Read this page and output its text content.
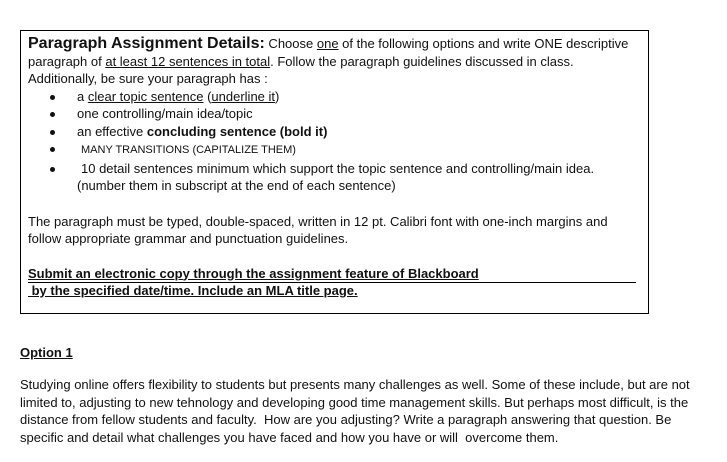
Paragraph Assignment Details: Choose one of the following options and write ONE descriptive
paragraph of at least 12 sentences in total. Follow the paragraph guidelines discussed in class.
Additionally, be sure your paragraph has :
a clear topic sentence (underline it)
one controlling/main idea/topic
an effective concluding sentence (bold it)
MANY TRANSITIONS (CAPITALIZE THEM)
10 detail sentences minimum which support the topic sentence and controlling/main idea.
(number them in subscript at the end of each sentence)
The paragraph must be typed, double-spaced, written in 12 pt. Calibri font with one-inch margins and
follow appropriate grammar and punctuation guidelines.
Submit an electronic copy through the assignment feature of Blackboard
by the specified date/time. Include an MLA title page.
Option 1
Studying online offers flexibility to students but presents many challenges as well. Some of these include, but are not
limited to, adjusting to new tehnology and developing good time management skills. But perhaps most difficult, is the
distance from fellow students and faculty.  How are you adjusting? Write a paragraph answering that question. Be
specific and detail what challenges you have faced and how you have or will  overcome them.
